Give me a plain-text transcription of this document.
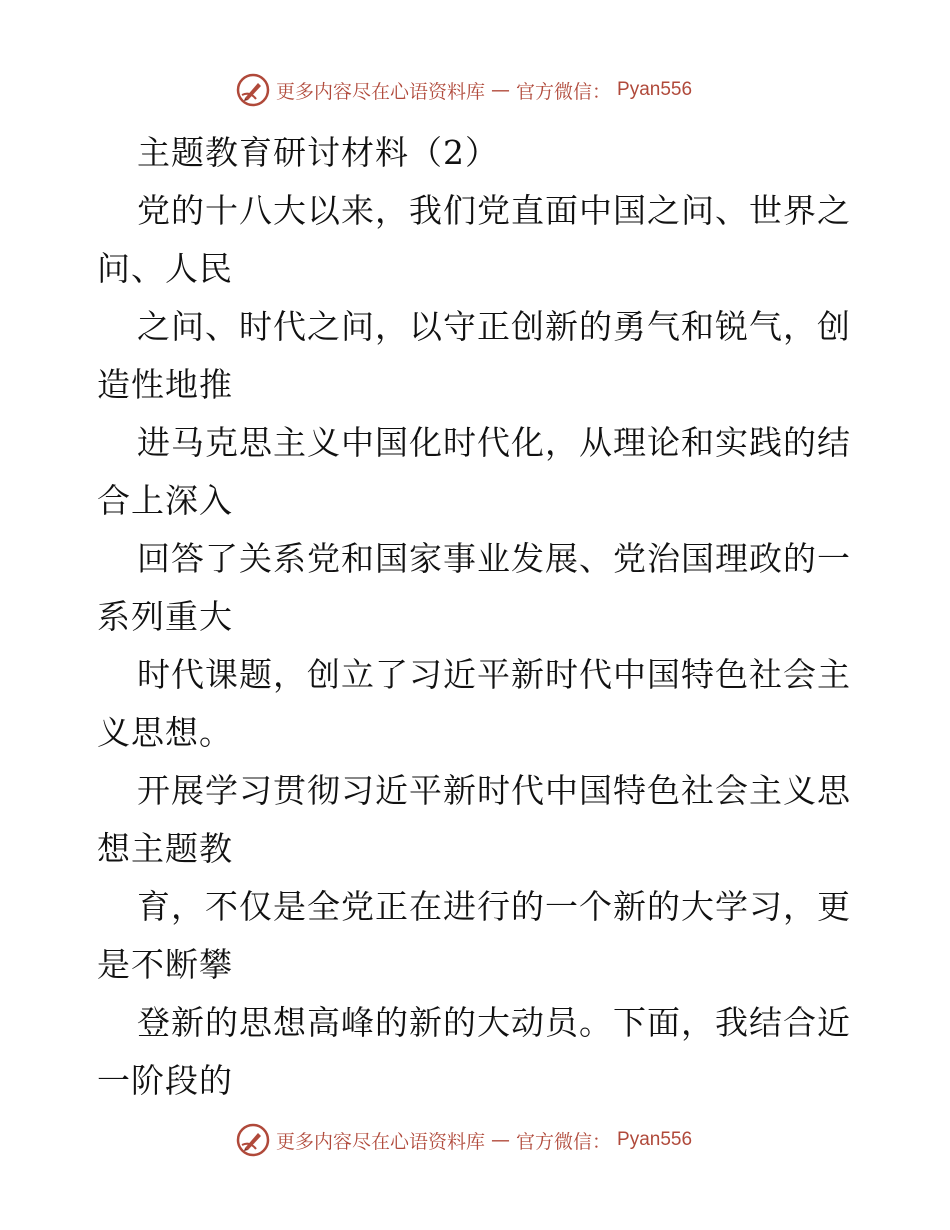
更多内容尽在心语资料库 — 官方微信： Pyan556
主题教育研讨材料（2）
党的十八大以来，我们党直面中国之问、世界之
问、人民
之问、时代之问，以守正创新的勇气和锐气，创
造性地推
进马克思主义中国化时代化，从理论和实践的结
合上深入
回答了关系党和国家事业发展、党治国理政的一
系列重大
时代课题，创立了习近平新时代中国特色社会主
义思想。
开展学习贯彻习近平新时代中国特色社会主义思
想主题教
育，不仅是全党正在进行的一个新的大学习，更
是不断攀
登新的思想高峰的新的大动员。下面，我结合近
一阶段的
更多内容尽在心语资料库 — 官方微信： Pyan556
